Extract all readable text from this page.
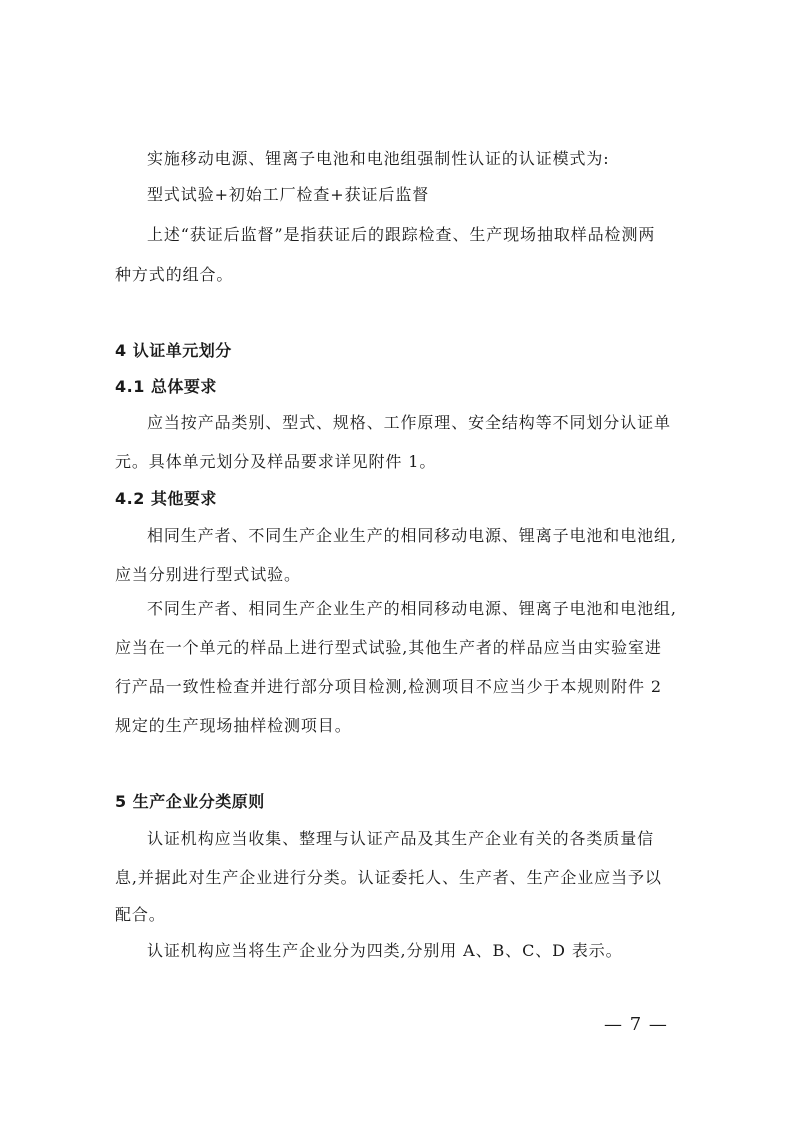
实施移动电源、锂离子电池和电池组强制性认证的认证模式为:
型式试验+初始工厂检查+获证后监督
上述“获证后监督”是指获证后的跟踪检查、生产现场抽取样品检测两
种方式的组合。
4 认证单元划分
4.1 总体要求
应当按产品类别、型式、规格、工作原理、安全结构等不同划分认证单
元。具体单元划分及样品要求详见附件 1。
4.2 其他要求
相同生产者、不同生产企业生产的相同移动电源、锂离子电池和电池组,
应当分别进行型式试验。
不同生产者、相同生产企业生产的相同移动电源、锂离子电池和电池组,
应当在一个单元的样品上进行型式试验,其他生产者的样品应当由实验室进
行产品一致性检查并进行部分项目检测,检测项目不应当少于本规则附件 2
规定的生产现场抽样检测项目。
5 生产企业分类原则
认证机构应当收集、整理与认证产品及其生产企业有关的各类质量信
息,并据此对生产企业进行分类。认证委托人、生产者、生产企业应当予以
配合。
认证机构应当将生产企业分为四类,分别用 A、B、C、D 表示。
— 7 —
